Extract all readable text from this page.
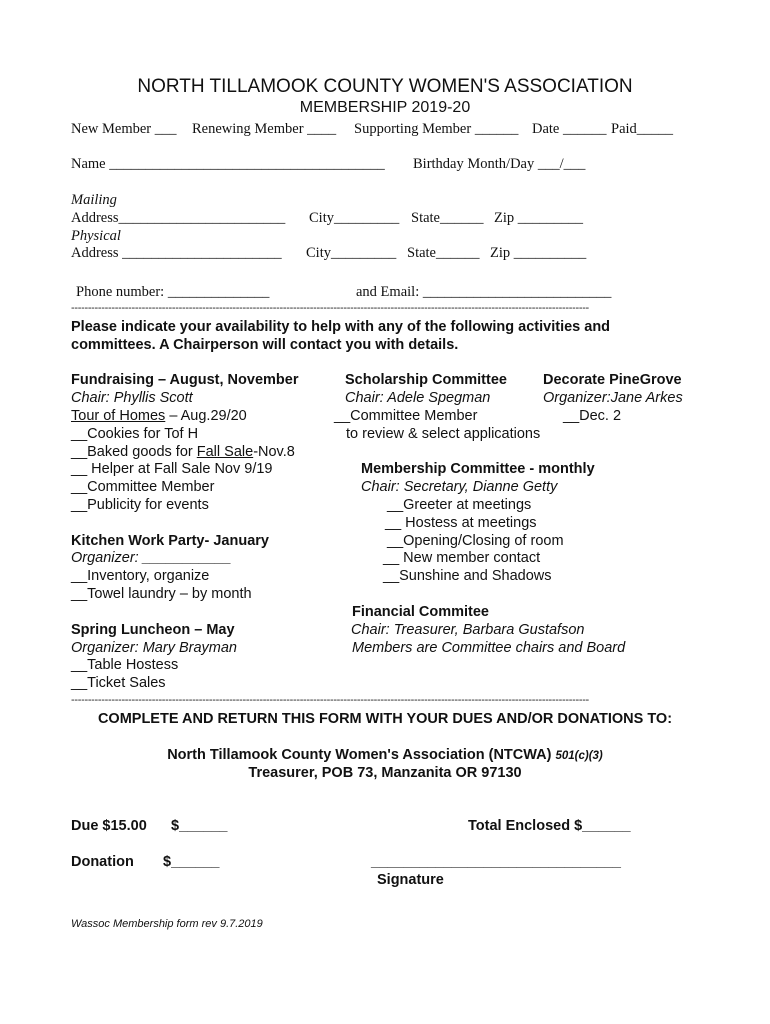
NORTH TILLAMOOK COUNTY WOMEN'S ASSOCIATION
MEMBERSHIP 2019-20
New Member ___ Renewing Member ____ Supporting Member ______ Date ______ Paid_____
Name ______________________________________ Birthday Month/Day ___/___
Mailing
Address_______________________ City_________ State______ Zip _________
Physical
Address ______________________ City_________ State______ Zip __________
Phone number: ______________	and Email: __________________________
----------------------------------------------------------------------------------------------------------------------------------------------------------
Please indicate your availability to help with any of the following activities and
committees. A Chairperson will contact you with details.
Fundraising – August, November
Chair: Phyllis Scott
Tour of Homes – Aug.29/20
__Cookies for Tof H
__Baked goods for Fall Sale-Nov.8
__ Helper at Fall Sale Nov 9/19
__Committee Member
__Publicity for events
Kitchen Work Party- January
Organizer: ___________
__Inventory, organize
__Towel laundry – by month
Spring Luncheon – May
Organizer: Mary Brayman
__Table Hostess
__Ticket Sales
Scholarship Committee
Chair: Adele Spegman
__Committee Member
to review & select applications
Decorate PineGrove
Organizer:Jane Arkes
__Dec. 2
Membership Committee - monthly
Chair: Secretary, Dianne Getty
__Greeter at meetings
__ Hostess at meetings
__Opening/Closing of room
__ New member contact
__Sunshine and Shadows
Financial Commitee
Chair: Treasurer, Barbara Gustafson
Members are Committee chairs and Board
----------------------------------------------------------------------------------------------------------------------------------------------------------
COMPLETE AND RETURN THIS FORM WITH YOUR DUES AND/OR DONATIONS TO:
North Tillamook County Women's Association (NTCWA) 501(c)(3)
Treasurer, POB 73, Manzanita OR 97130
Due $15.00 $______	Total Enclosed $______
Donation $______	_______________________________
Signature
Wassoc Membership form rev 9.7.2019
